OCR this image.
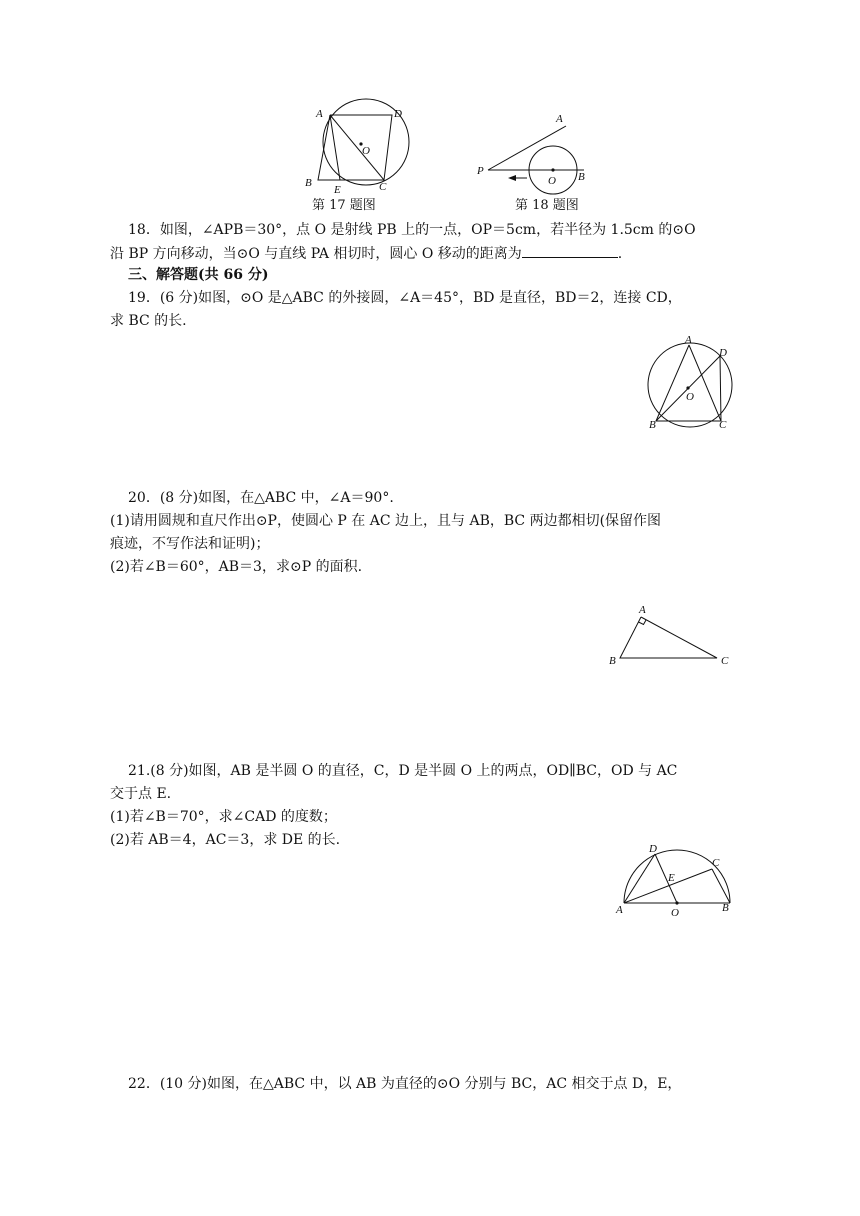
A	D
O
B
E	C
第 17 题图
A
P
O B
第 18 题图
18．如图，∠APB＝30°，点 O 是射线 PB 上的一点，OP＝5cm，若半径为 1.5cm 的⊙O
沿 BP 方向移动，当⊙O 与直线 PA 相切时，圆心 O 移动的距离为	.
三、解答题(共 66 分)
19．(6 分)如图，⊙O 是△ABC 的外接圆，∠A＝45°，BD 是直径，BD＝2，连接 CD，
求 BC 的长.
A
D
O
B	C
20．(8 分)如图，在△ABC 中，∠A＝90°.
(1)请用圆规和直尺作出⊙P，使圆心 P 在 AC 边上，且与 AB，BC 两边都相切(保留作图
痕迹，不写作法和证明)；
(2)若∠B＝60°，AB＝3，求⊙P 的面积.
A
B	C
21.(8 分)如图，AB 是半圆 O 的直径，C，D 是半圆 O 上的两点，OD∥BC，OD 与 AC
交于点 E.
(1)若∠B＝70°，求∠CAD 的度数；
(2)若 AB＝4，AC＝3，求 DE 的长.
D
C
E
A	O	B
22．(10 分)如图，在△ABC 中，以 AB 为直径的⊙O 分别与 BC，AC 相交于点 D，E，
